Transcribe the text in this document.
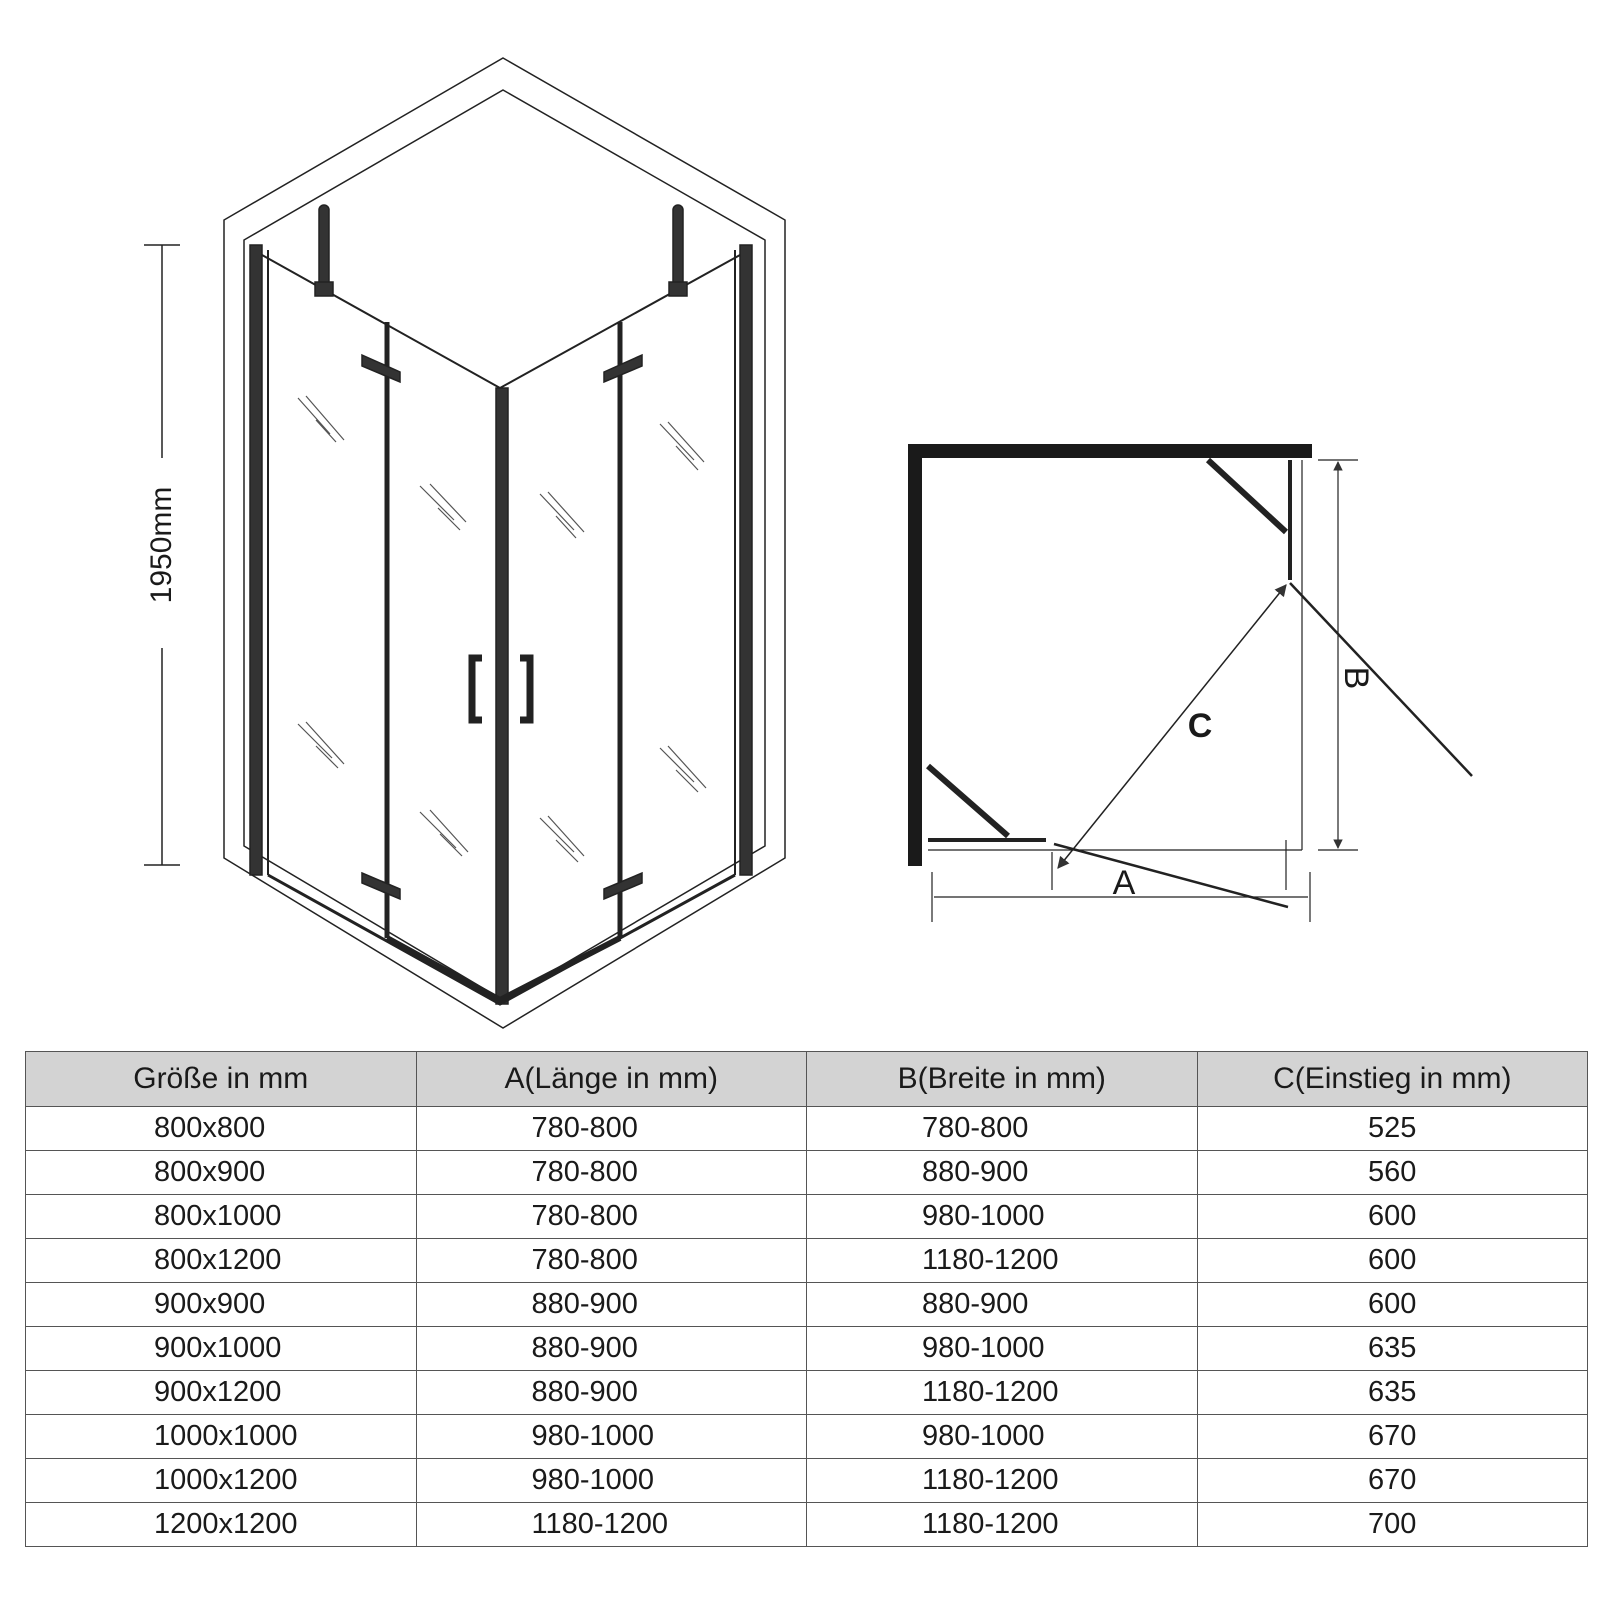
1950mm
C
A
B
Größe in mm	A(Länge in mm)	B(Breite in mm)	C(Einstieg in mm)
800x800	780-800	780-800	525
800x900	780-800	880-900	560
800x1000	780-800	980-1000	600
800x1200	780-800	1180-1200	600
900x900	880-900	880-900	600
900x1000	880-900	980-1000	635
900x1200	880-900	1180-1200	635
1000x1000	980-1000	980-1000	670
1000x1200	980-1000	1180-1200	670
1200x1200	1180-1200	1180-1200	700
